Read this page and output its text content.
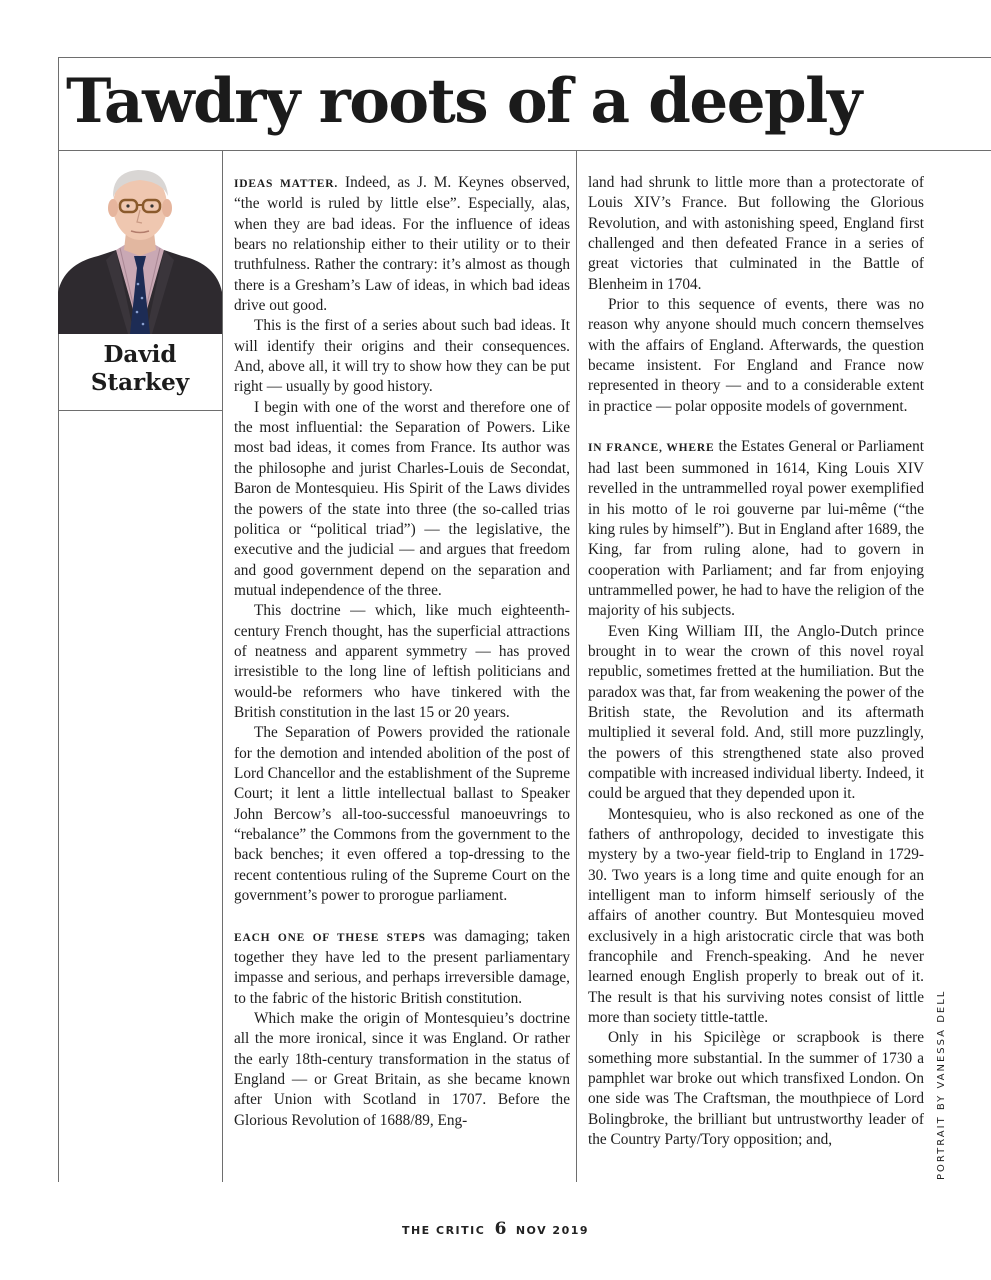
Tawdry roots of a deeply
David Starkey

IDEAS MATTER. Indeed, as J. M. Keynes observed, “the world is ruled by little else”. Especially, alas, when they are bad ideas. For the influence of ideas bears no relationship either to their utility or to their truthfulness. Rather the contrary: it’s almost as though there is a Gresham’s Law of ideas, in which bad ideas drive out good.

This is the first of a series about such bad ideas. It will identify their origins and their consequences. And, above all, it will try to show how they can be put right — usually by good history.

I begin with one of the worst and therefore one of the most influential: the Separation of Powers. Like most bad ideas, it comes from France. Its author was the philosophe and jurist Charles-Louis de Secondat, Baron de Montesquieu. His Spirit of the Laws divides the powers of the state into three (the so-called trias politica or “political triad”) — the legislative, the executive and the judicial — and argues that freedom and good government depend on the separation and mutual independence of the three.

This doctrine — which, like much eighteenth-century French thought, has the superficial attractions of neatness and apparent symmetry — has proved irresistible to the long line of leftish politicians and would-be reformers who have tinkered with the British constitution in the last 15 or 20 years.

The Separation of Powers provided the rationale for the demotion and intended abolition of the post of Lord Chancellor and the establishment of the Supreme Court; it lent a little intellectual ballast to Speaker John Bercow’s all-too-successful manoeuvrings to “rebalance” the Commons from the government to the back benches; it even offered a top-dressing to the recent contentious ruling of the Supreme Court on the government’s power to prorogue parliament.

EACH ONE OF THESE STEPS was damaging; taken together they have led to the present parliamentary impasse and serious, and perhaps irreversible damage, to the fabric of the historic British constitution.

Which make the origin of Montesquieu’s doctrine all the more ironical, since it was England. Or rather the early 18th-century transformation in the status of England — or Great Britain, as she became known after Union with Scotland in 1707. Before the Glorious Revolution of 1688/89, Eng-

land had shrunk to little more than a protectorate of Louis XIV’s France. But following the Glorious Revolution, and with astonishing speed, England first challenged and then defeated France in a series of great victories that culminated in the Battle of Blenheim in 1704.

Prior to this sequence of events, there was no reason why anyone should much concern themselves with the affairs of England. Afterwards, the question became insistent. For England and France now represented in theory — and to a considerable extent in practice — polar opposite models of government.

IN FRANCE, WHERE the Estates General or Parliament had last been summoned in 1614, King Louis XIV revelled in the untrammelled royal power exemplified in his motto of le roi gouverne par lui-même (“the king rules by himself”). But in England after 1689, the King, far from ruling alone, had to govern in cooperation with Parliament; and far from enjoying untrammelled power, he had to have the religion of the majority of his subjects.

Even King William III, the Anglo-Dutch prince brought in to wear the crown of this novel royal republic, sometimes fretted at the humiliation. But the paradox was that, far from weakening the power of the British state, the Revolution and its aftermath multiplied it several fold. And, still more puzzlingly, the powers of this strengthened state also proved compatible with increased individual liberty. Indeed, it could be argued that they depended upon it.

Montesquieu, who is also reckoned as one of the fathers of anthropology, decided to investigate this mystery by a two-year field-trip to England in 1729-30. Two years is a long time and quite enough for an intelligent man to inform himself seriously of the affairs of another country. But Montesquieu moved exclusively in a high aristocratic circle that was both francophile and French-speaking. And he never learned enough English properly to break out of it. The result is that his surviving notes consist of little more than society tittle-tattle.

Only in his Spicilège or scrapbook is there something more substantial. In the summer of 1730 a pamphlet war broke out which transfixed London. On one side was The Craftsman, the mouthpiece of Lord Bolingbroke, the brilliant but untrustworthy leader of the Country Party/Tory opposition; and,	PORTRAIT BY VANESSA DELL
THE CRITIC 6 NOV 2019
